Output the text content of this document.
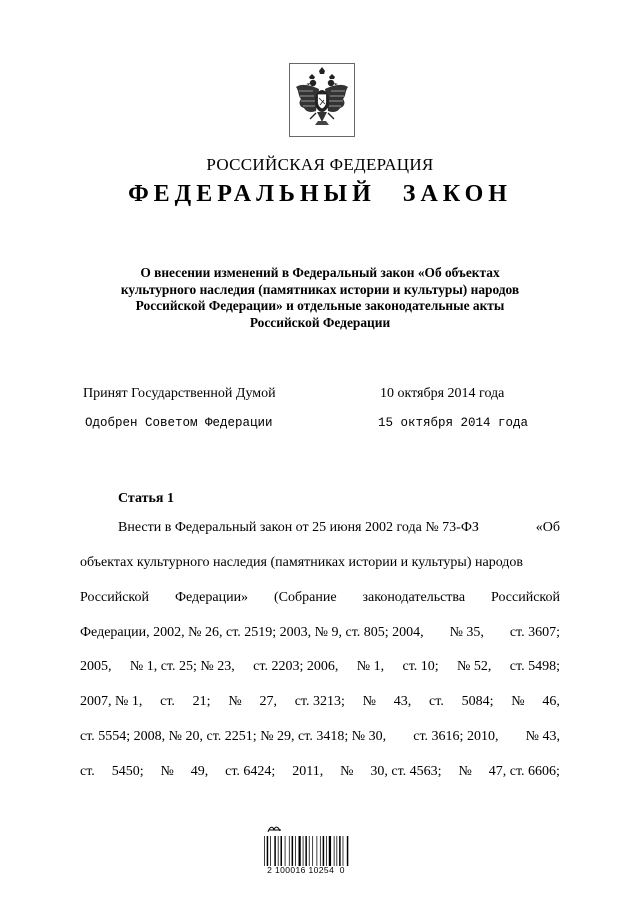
РОССИЙСКАЯ ФЕДЕРАЦИЯ
ФЕДЕРАЛЬНЫЙ ЗАКОН
О внесении изменений в Федеральный закон «Об объектах
культурного наследия (памятниках истории и культуры) народов
Российской Федерации» и отдельные законодательные акты
Российской Федерации
Принят Государственной Думой	10 октября 2014 года
Одобрен Советом Федерации	15 октября 2014 года
Статья 1
Внести в Федеральный закон от 25 июня 2002 года № 73-ФЗ	«Об
объектах культурного наследия (памятниках истории и культуры) народов
Российской Федерации» (Собрание законодательства Российской
Федерации, 2002, № 26, ст. 2519; 2003, № 9, ст. 805; 2004, № 35, ст. 3607;
2005, № 1, ст. 25; № 23, ст. 2203; 2006, № 1, ст. 10; № 52, ст. 5498;
2007, № 1, ст. 21; № 27, ст. 3213; № 43, ст. 5084; № 46,
ст. 5554; 2008, № 20, ст. 2251; № 29, ст. 3418; № 30, ст. 3616; 2010, № 43,
ст. 5450; № 49, ст. 6424; 2011, № 30, ст. 4563; № 47, ст. 6606;
2 100016 10254  0
